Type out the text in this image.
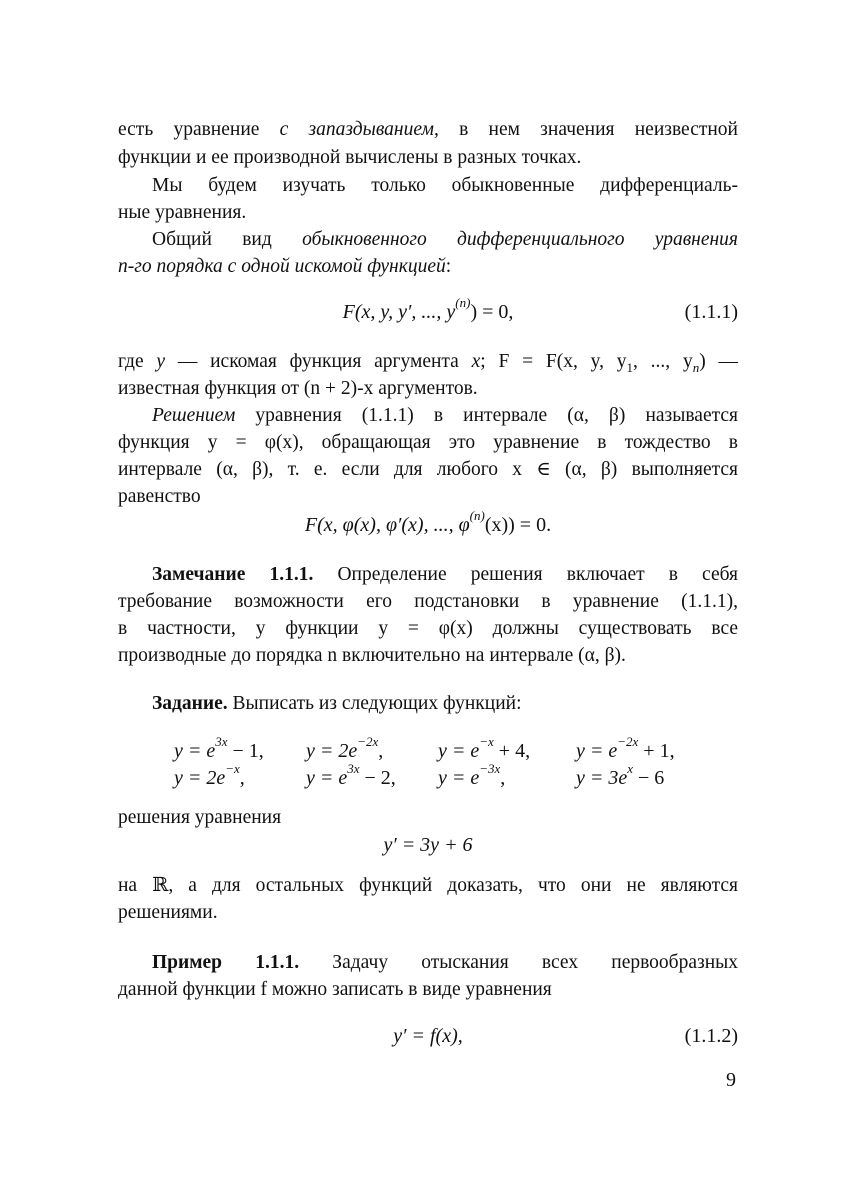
есть уравнение с запаздыванием, в нем значения неизвестной
функции и ее производной вычислены в разных точках.
Мы будем изучать только обыкновенные дифференциаль-
ные уравнения.
Общий вид обыкновенного дифференциального уравнения
n-го порядка с одной искомой функцией:
F(x, y, y′, ..., $y^{(n)}) = 0$,	(1.1.1)
где y — искомая функция аргумента x; F = F(x, y, $y_1$, ..., $y_n$) —
известная функция от (n + 2)-х аргументов.
Решением уравнения (1.1.1) в интервале (α, β) называется
функция y = φ(x), обращающая это уравнение в тождество в
интервале (α, β), т. е. если для любого x ∈ (α, β) выполняется
равенство
F(x, φ(x), φ′(x), ..., $\varphi^{(n)}(x)) = 0$.
Замечание 1.1.1. Определение решения включает в себя
требование возможности его подстановки в уравнение (1.1.1),
в частности, у функции y = φ(x) должны существовать все
производные до порядка n включительно на интервале (α, β).
Задание. Выписать из следующих функций:
$y = e^{3x} - 1$, $y = 2e^{-2x}$,	$y = e^{-x} + 4$, $y = e^{-2x} + 1$,
$y = 2e^{-x}$,	$y = e^{3x} - 2$, $y = e^{-3x}$,	$y = 3e^x - 6$
решения уравнения
y′ = 3y + 6
на ℝ, а для остальных функций доказать, что они не являются
решениями.
Пример 1.1.1. Задачу отыскания всех первообразных
данной функции f можно записать в виде уравнения
y′ = f(x),	(1.1.2)
9
